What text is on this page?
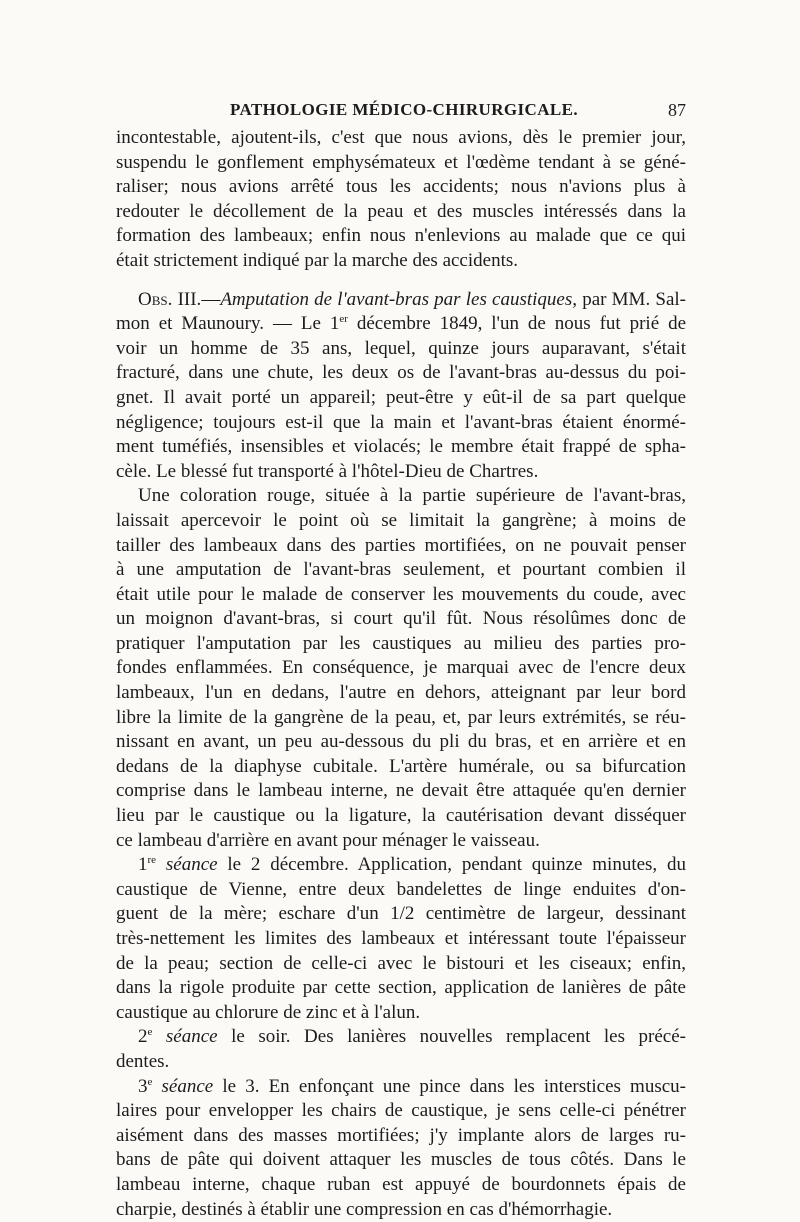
PATHOLOGIE MÉDICO-CHIRURGICALE.	87
incontestable, ajoutent-ils, c'est que nous avions, dès le premier jour,
suspendu le gonflement emphysémateux et l'œdème tendant à se géné-
raliser; nous avions arrêté tous les accidents; nous n'avions plus à
redouter le décollement de la peau et des muscles intéressés dans la
formation des lambeaux; enfin nous n'enlevions au malade que ce qui
était strictement indiqué par la marche des accidents.
Obs. III.—Amputation de l'avant-bras par les caustiques, par MM. Sal-
mon et Maunoury. — Le 1er décembre 1849, l'un de nous fut prié de
voir un homme de 35 ans, lequel, quinze jours auparavant, s'était
fracturé, dans une chute, les deux os de l'avant-bras au-dessus du poi-
gnet. Il avait porté un appareil; peut-être y eût-il de sa part quelque
négligence; toujours est-il que la main et l'avant-bras étaient énormé-
ment tuméfiés, insensibles et violacés; le membre était frappé de spha-
cèle. Le blessé fut transporté à l'hôtel-Dieu de Chartres.
Une coloration rouge, située à la partie supérieure de l'avant-bras,
laissait apercevoir le point où se limitait la gangrène; à moins de
tailler des lambeaux dans des parties mortifiées, on ne pouvait penser
à une amputation de l'avant-bras seulement, et pourtant combien il
était utile pour le malade de conserver les mouvements du coude, avec
un moignon d'avant-bras, si court qu'il fût. Nous résolûmes donc de
pratiquer l'amputation par les caustiques au milieu des parties pro-
fondes enflammées. En conséquence, je marquai avec de l'encre deux
lambeaux, l'un en dedans, l'autre en dehors, atteignant par leur bord
libre la limite de la gangrène de la peau, et, par leurs extrémités, se réu-
nissant en avant, un peu au-dessous du pli du bras, et en arrière et en
dedans de la diaphyse cubitale. L'artère humérale, ou sa bifurcation
comprise dans le lambeau interne, ne devait être attaquée qu'en dernier
lieu par le caustique ou la ligature, la cautérisation devant disséquer
ce lambeau d'arrière en avant pour ménager le vaisseau.
1re séance le 2 décembre. Application, pendant quinze minutes, du
caustique de Vienne, entre deux bandelettes de linge enduites d'on-
guent de la mère; eschare d'un 1/2 centimètre de largeur, dessinant
très-nettement les limites des lambeaux et intéressant toute l'épaisseur
de la peau; section de celle-ci avec le bistouri et les ciseaux; enfin,
dans la rigole produite par cette section, application de lanières de pâte
caustique au chlorure de zinc et à l'alun.
2e séance le soir. Des lanières nouvelles remplacent les précé-
dentes.
3e séance le 3. En enfonçant une pince dans les interstices muscu-
laires pour envelopper les chairs de caustique, je sens celle-ci pénétrer
aisément dans des masses mortifiées; j'y implante alors de larges ru-
bans de pâte qui doivent attaquer les muscles de tous côtés. Dans le
lambeau interne, chaque ruban est appuyé de bourdonnets épais de
charpie, destinés à établir une compression en cas d'hémorrhagie.
